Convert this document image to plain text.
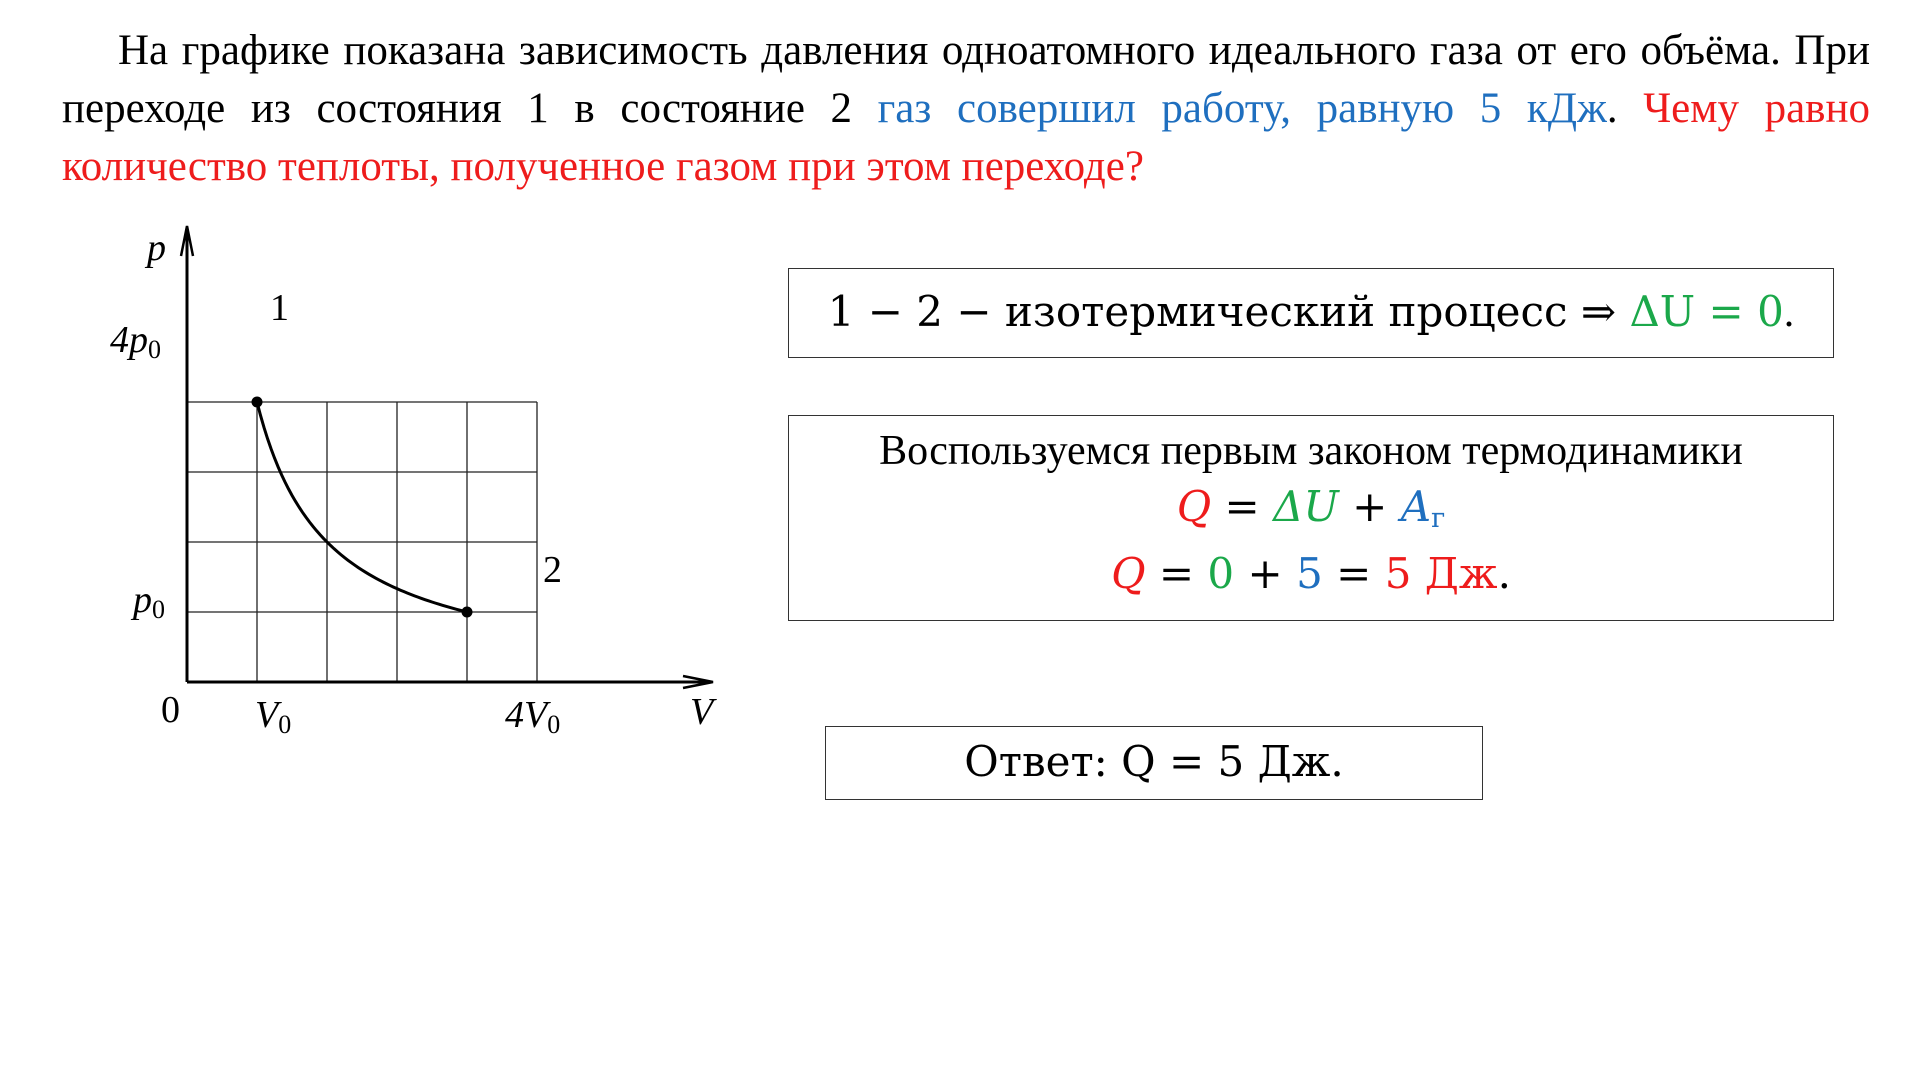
На графике показана зависимость давления одноатомного идеального газа от его объёма. При переходе из состояния 1 в состояние 2 газ совершил работу, равную 5 кДж. Чему равно количество теплоты, полученное газом при этом переходе?
p
V
0
$4p_0$
$p_0$
$V_0$	$4V_0$
1
2
1 − 2 − изотермический процесс ⇒ ΔU = 0.
Воспользуемся первым законом термодинамики
$Q = \Delta U + A_г$
Q = 0 + 5 = 5 Дж.
Ответ: Q = 5 Дж.
